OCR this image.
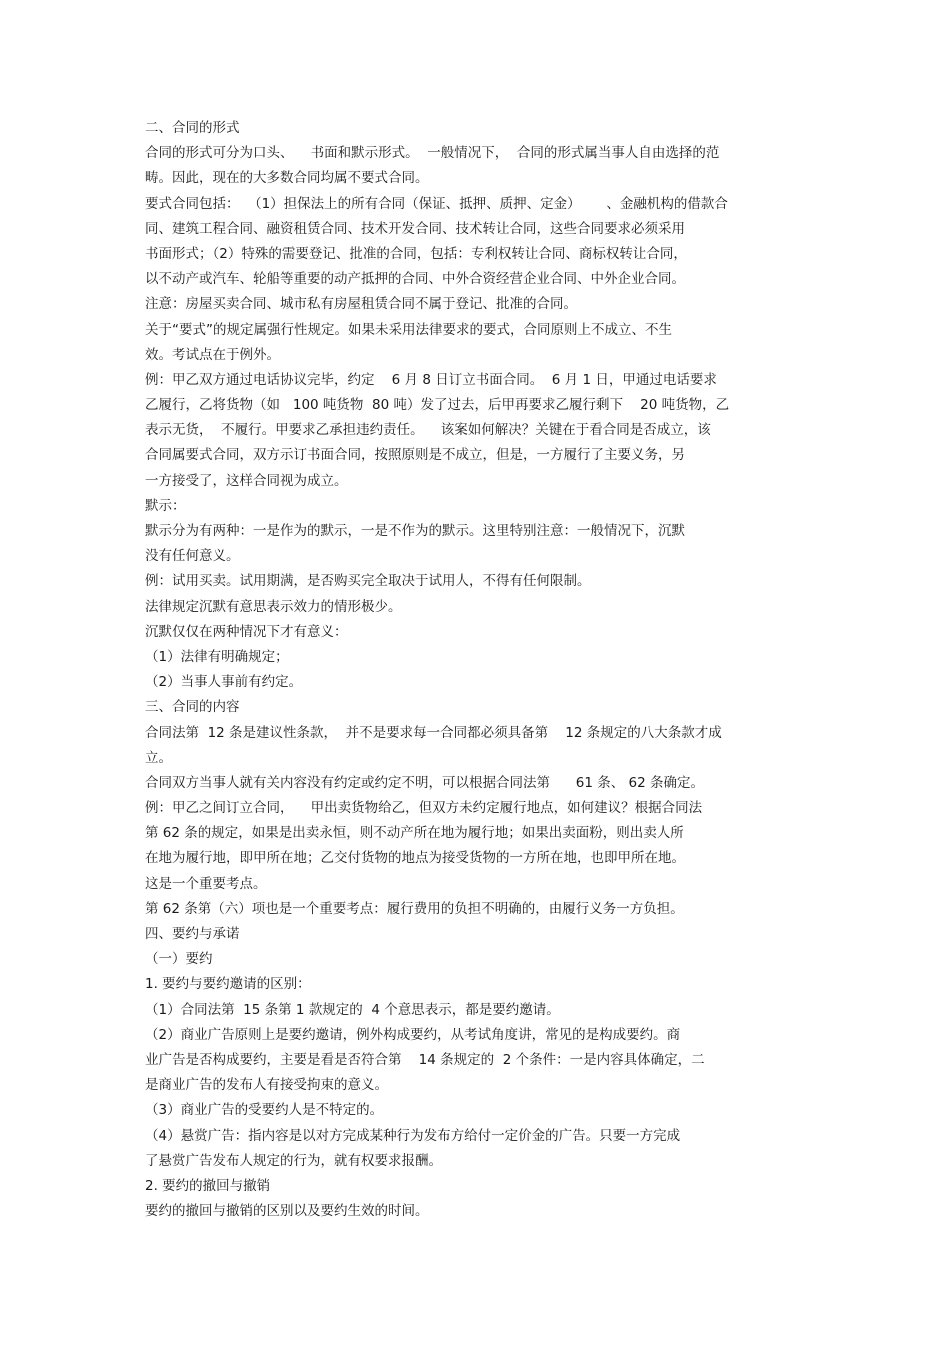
二、合同的形式
合同的形式可分为口头、    书面和默示形式。  一般情况下，  合同的形式属当事人自由选择的范
畴。因此，现在的大多数合同均属不要式合同。
要式合同包括：  （1）担保法上的所有合同（保证、抵押、质押、定金）      、金融机构的借款合
同、建筑工程合同、融资租赁合同、技术开发合同、技术转让合同，这些合同要求必须采用
书面形式；（2）特殊的需要登记、批准的合同，包括：专利权转让合同、商标权转让合同，
以不动产或汽车、轮船等重要的动产抵押的合同、中外合资经营企业合同、中外企业合同。
注意：房屋买卖合同、城市私有房屋租赁合同不属于登记、批准的合同。
关于“要式”的规定属强行性规定。如果未采用法律要求的要式，合同原则上不成立、不生
效。考试点在于例外。
例：甲乙双方通过电话协议完毕，约定    6 月 8 日订立书面合同。  6 月 1 日，甲通过电话要求
乙履行，乙将货物（如   100 吨货物  80 吨）发了过去，后甲再要求乙履行剩下    20 吨货物，乙
表示无货，  不履行。甲要求乙承担违约责任。    该案如何解决？关键在于看合同是否成立，该
合同属要式合同，双方示订书面合同，按照原则是不成立，但是，一方履行了主要义务，另
一方接受了，这样合同视为成立。
默示：
默示分为有两种：一是作为的默示，一是不作为的默示。这里特别注意：一般情况下，沉默
没有任何意义。
例：试用买卖。试用期满，是否购买完全取决于试用人，不得有任何限制。
法律规定沉默有意思表示效力的情形极少。
沉默仅仅在两种情况下才有意义：
（1）法律有明确规定；
（2）当事人事前有约定。
三、合同的内容
合同法第  12 条是建议性条款，  并不是要求每一合同都必须具备第    12 条规定的八大条款才成
立。
合同双方当事人就有关内容没有约定或约定不明，可以根据合同法第      61 条、 62 条确定。
例：甲乙之间订立合同，    甲出卖货物给乙，但双方未约定履行地点，如何建议？根据合同法
第 62 条的规定，如果是出卖永恒，则不动产所在地为履行地；如果出卖面粉，则出卖人所
在地为履行地，即甲所在地；乙交付货物的地点为接受货物的一方所在地，也即甲所在地。
这是一个重要考点。
第 62 条第（六）项也是一个重要考点：履行费用的负担不明确的，由履行义务一方负担。
四、要约与承诺
（一）要约
1. 要约与要约邀请的区别：
（1）合同法第  15 条第 1 款规定的  4 个意思表示，都是要约邀请。
（2）商业广告原则上是要约邀请，例外构成要约，从考试角度讲，常见的是构成要约。商
业广告是否构成要约，主要是看是否符合第    14 条规定的  2 个条件：一是内容具体确定，二
是商业广告的发布人有接受拘束的意义。
（3）商业广告的受要约人是不特定的。
（4）悬赏广告：指内容是以对方完成某种行为发布方给付一定价金的广告。只要一方完成
了悬赏广告发布人规定的行为，就有权要求报酬。
2. 要约的撤回与撤销
要约的撤回与撤销的区别以及要约生效的时间。
